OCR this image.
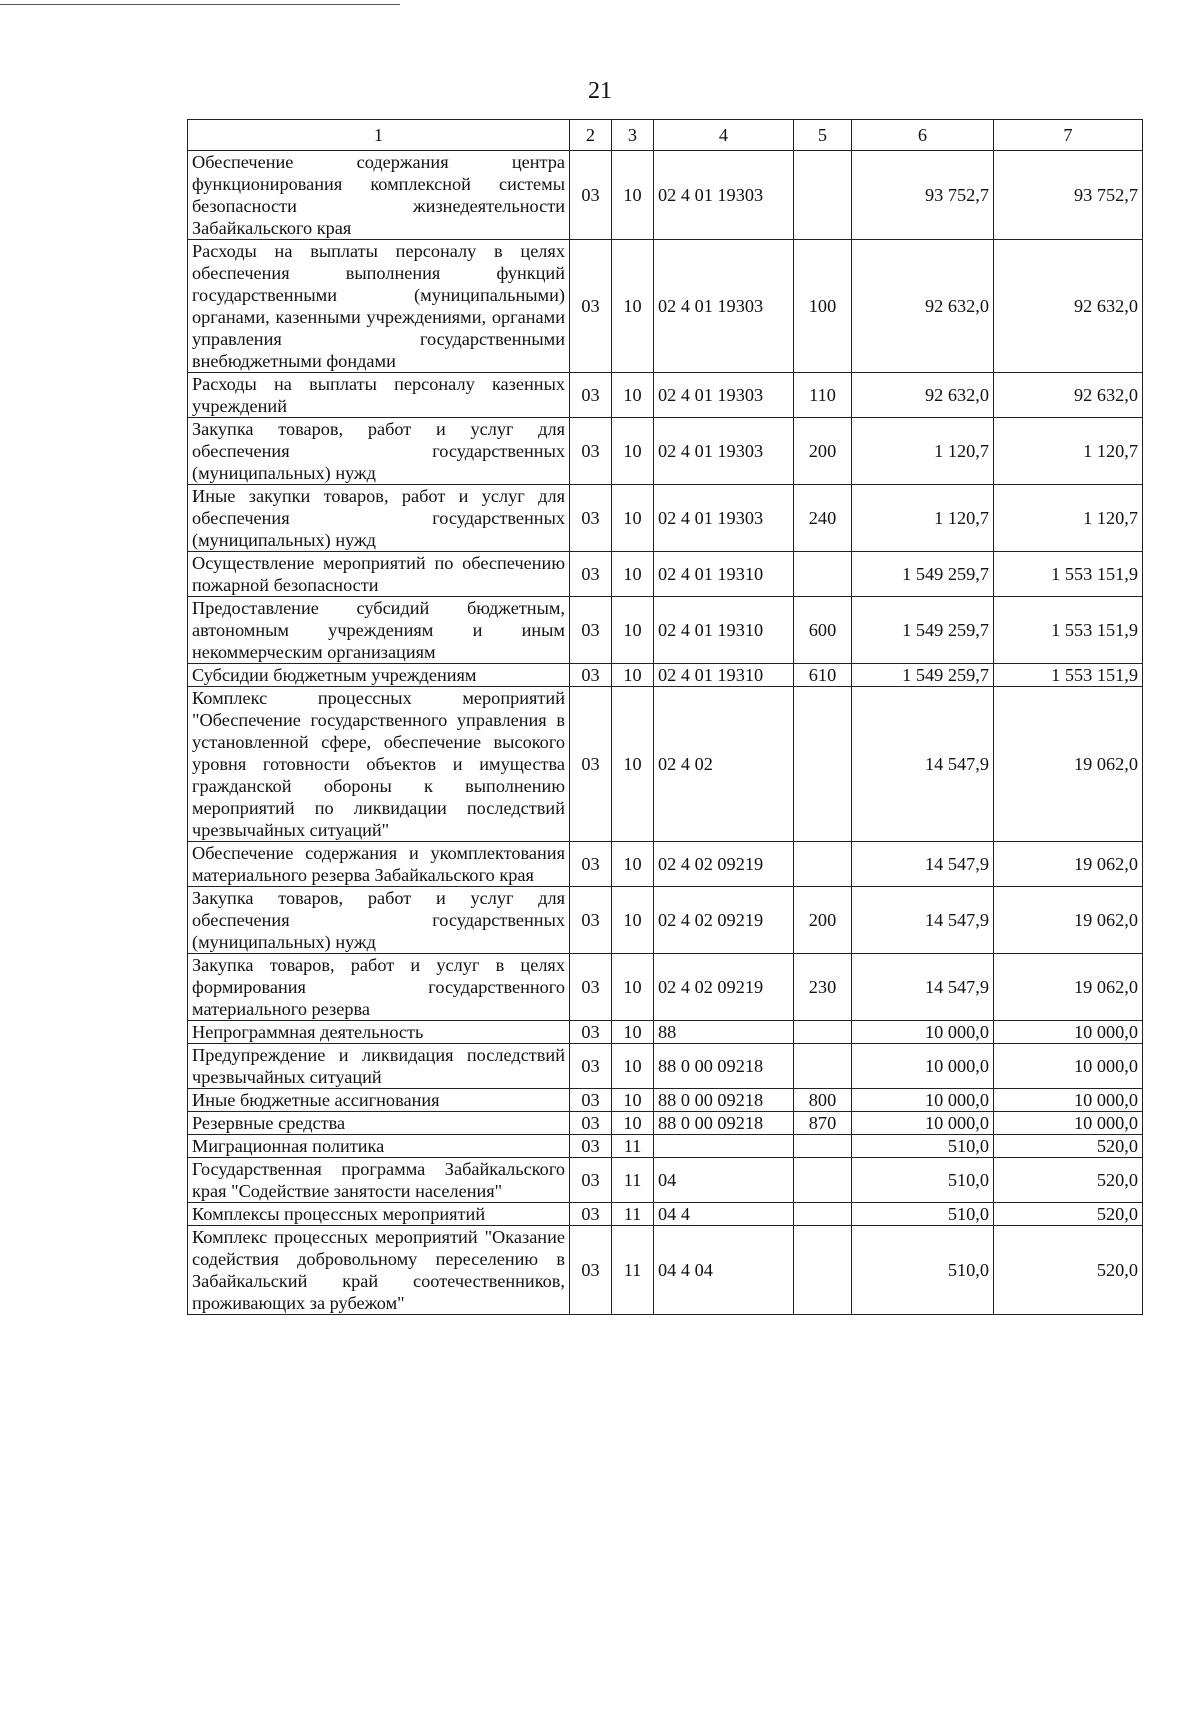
21
1	2	3	4	5	6	7
Обеспечение содержания центра функционирования комплексной системы безопасности жизнедеятельности Забайкальского края	03	10	02 4 01 19303		93 752,7	93 752,7
Расходы на выплаты персоналу в целях обеспечения выполнения функций государственными (муниципальными) органами, казенными учреждениями, органами управления государственными внебюджетными фондами	03	10	02 4 01 19303	100	92 632,0	92 632,0
Расходы на выплаты персоналу казенных учреждений	03	10	02 4 01 19303	110	92 632,0	92 632,0
Закупка товаров, работ и услуг для обеспечения государственных (муниципальных) нужд	03	10	02 4 01 19303	200	1 120,7	1 120,7
Иные закупки товаров, работ и услуг для обеспечения государственных (муниципальных) нужд	03	10	02 4 01 19303	240	1 120,7	1 120,7
Осуществление мероприятий по обеспечению пожарной безопасности	03	10	02 4 01 19310		1 549 259,7	1 553 151,9
Предоставление субсидий бюджетным, автономным учреждениям и иным некоммерческим организациям	03	10	02 4 01 19310	600	1 549 259,7	1 553 151,9
Субсидии бюджетным учреждениям	03	10	02 4 01 19310	610	1 549 259,7	1 553 151,9
Комплекс процессных мероприятий "Обеспечение государственного управления в установленной сфере, обеспечение высокого уровня готовности объектов и имущества гражданской обороны к выполнению мероприятий по ликвидации последствий чрезвычайных ситуаций"	03	10	02 4 02		14 547,9	19 062,0
Обеспечение содержания и укомплектования материального резерва Забайкальского края	03	10	02 4 02 09219		14 547,9	19 062,0
Закупка товаров, работ и услуг для обеспечения государственных (муниципальных) нужд	03	10	02 4 02 09219	200	14 547,9	19 062,0
Закупка товаров, работ и услуг в целях формирования государственного материального резерва	03	10	02 4 02 09219	230	14 547,9	19 062,0
Непрограммная деятельность	03	10	88		10 000,0	10 000,0
Предупреждение и ликвидация последствий чрезвычайных ситуаций	03	10	88 0 00 09218		10 000,0	10 000,0
Иные бюджетные ассигнования	03	10	88 0 00 09218	800	10 000,0	10 000,0
Резервные средства	03	10	88 0 00 09218	870	10 000,0	10 000,0
Миграционная политика	03	11			510,0	520,0
Государственная программа Забайкальского края "Содействие занятости населения"	03	11	04		510,0	520,0
Комплексы процессных мероприятий	03	11	04 4		510,0	520,0
Комплекс процессных мероприятий "Оказание содействия добровольному переселению в Забайкальский край соотечественников, проживающих за рубежом"	03	11	04 4 04		510,0	520,0
